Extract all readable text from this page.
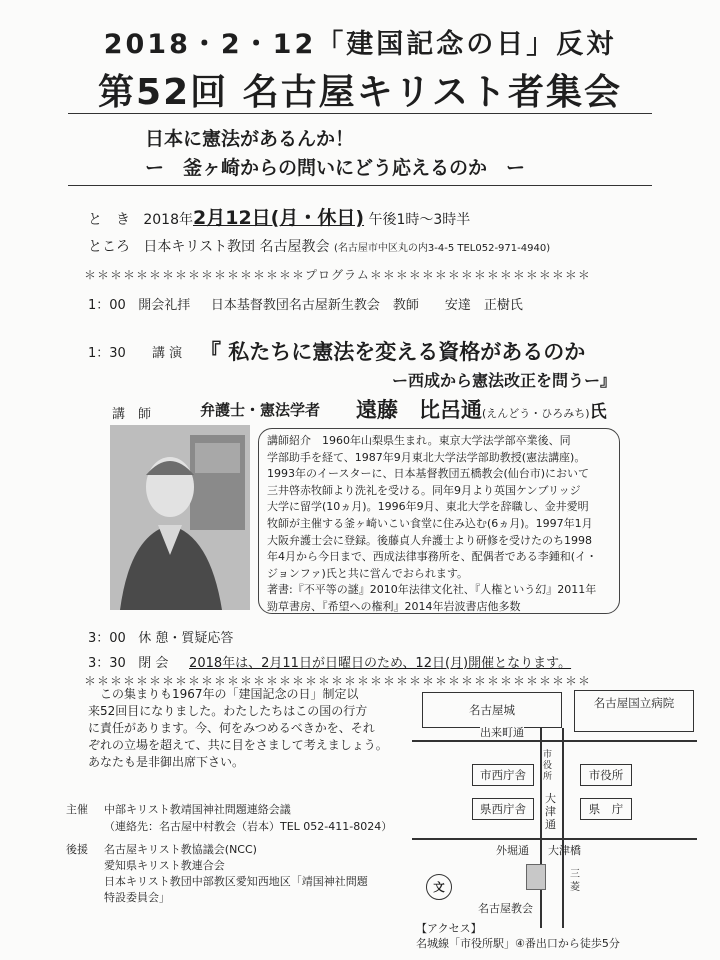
2018・2・12「建国記念の日」反対
第52回 名古屋キリスト者集会
日本に憲法があるんか！
ー　釜ヶ崎からの問いにどう応えるのか　ー
と　き 2018年2月12日(月・休日) 午後1時〜3時半
ところ 日本キリスト教団 名古屋教会 (名古屋市中区丸の内3-4-5 TEL052-971-4940)
＊＊＊＊＊＊＊＊＊＊＊＊＊＊＊＊＊プログラム＊＊＊＊＊＊＊＊＊＊＊＊＊＊＊＊＊
1：00 開会礼拝 日本基督教団名古屋新生教会　教師　　安達　正樹氏
1：30 講 演 『 私たちに憲法を変える資格があるのか
ー西成から憲法改正を問うー』
講　師	弁護士・憲法学者 遠藤　比呂通(えんどう・ひろみち)氏
講師紹介　1960年山梨県生まれ。東京大学法学部卒業後、同
学部助手を経て、1987年9月東北大学法学部助教授(憲法講座)。
1993年のイースターに、日本基督教団五橋教会(仙台市)において
三井啓赤牧師より洗礼を受ける。同年9月より英国ケンブリッジ
大学に留学(10ヵ月)。1996年9月、東北大学を辞職し、金井愛明
牧師が主催する釜ヶ崎いこい食堂に住み込む(6ヵ月)。1997年1月
大阪弁護士会に登録。後藤貞人弁護士より研修を受けたのち1998
年4月から今日まで、西成法律事務所を、配偶者である李鍾和(イ・
ジョンファ)氏と共に営んでおられます。
著書:『不平等の謎』2010年法律文化社、『人権という幻』2011年
勁草書房、『希望への権利』2014年岩波書店他多数
3：00 休 憩・質疑応答
3：30 閉 会 2018年は、2月11日が日曜日のため、12日(月)開催となります。
＊＊＊＊＊＊＊＊＊＊＊＊＊＊＊＊＊＊＊＊＊＊＊＊＊＊＊＊＊＊＊＊＊＊＊＊＊＊＊
　この集まりも1967年の「建国記念の日」制定以
来52回目になりました。わたしたちはこの国の行方
に責任があります。今、何をみつめるべきかを、それ
ぞれの立場を超えて、共に目をさまして考えましょう。
あなたも是非御出席下さい。
主催 中部キリスト教靖国神社問題連絡会議
（連絡先：名古屋中村教会（岩本）TEL 052-411-8024）
後援 名古屋キリスト教協議会(NCC)
愛知県キリスト教連合会
日本キリスト教団中部教区愛知西地区「靖国神社問題
特設委員会」
名古屋城	名古屋国立病院
出来町通
市西庁舎	市役所
市役所
県西庁舎	県　庁
大津通
外堀通 大津橋
文
名古屋教会
三菱
【アクセス】
名城線「市役所駅」④番出口から徒歩5分
